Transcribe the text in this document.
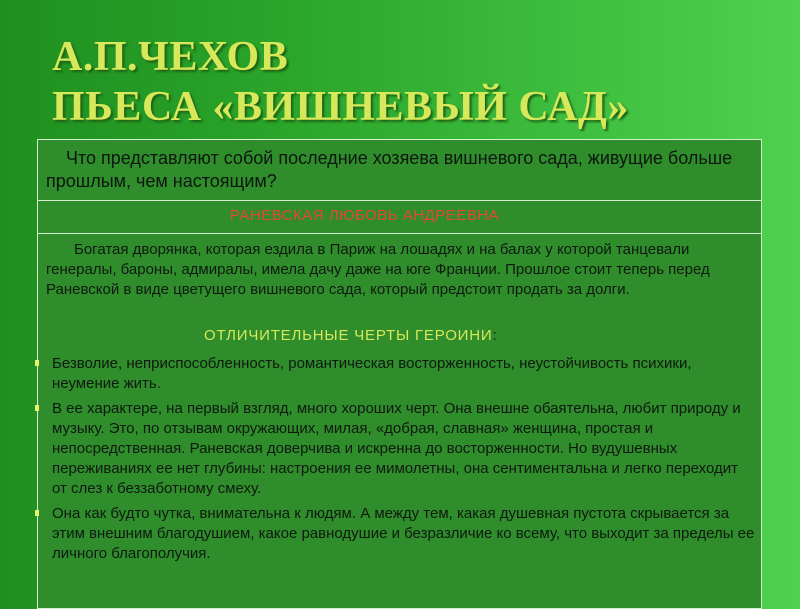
А.П.ЧЕХОВ
ПЬЕСА «ВИШНЕВЫЙ САД»

Что представляют собой последние хозяева вишневого сада, живущие больше прошлым, чем настоящим?

РАНЕВСКАЯ ЛЮБОВЬ АНДРЕЕВНА

Богатая дворянка, которая ездила в Париж на лошадях и на балах у которой танцевали генералы, бароны, адмиралы, имела дачу даже на юге Франции. Прошлое стоит теперь перед Раневской в виде цветущего вишневого сада, который предстоит продать за долги.

ОТЛИЧИТЕЛЬНЫЕ ЧЕРТЫ ГЕРОИНИ:

Безволие, неприспособленность, романтическая восторженность, неустойчивость психики, неумение жить.
В ее характере, на первый взгляд, много хороших черт. Она внешне обаятельна, любит природу и музыку. Это, по отзывам окружающих, милая, «добрая, славная» женщина, простая и непосредственная. Раневская доверчива и искренна до восторженности. Но вудушевных переживаниях ее нет глубины: настроения ее мимолетны, она сентиментальна и легко переходит от слез к беззаботному смеху.
Она как будто чутка, внимательна к людям. А между тем, какая душевная пустота скрывается за этим внешним благодушием, какое равнодушие и безразличие ко всему, что выходит за пределы ее личного благополучия.
